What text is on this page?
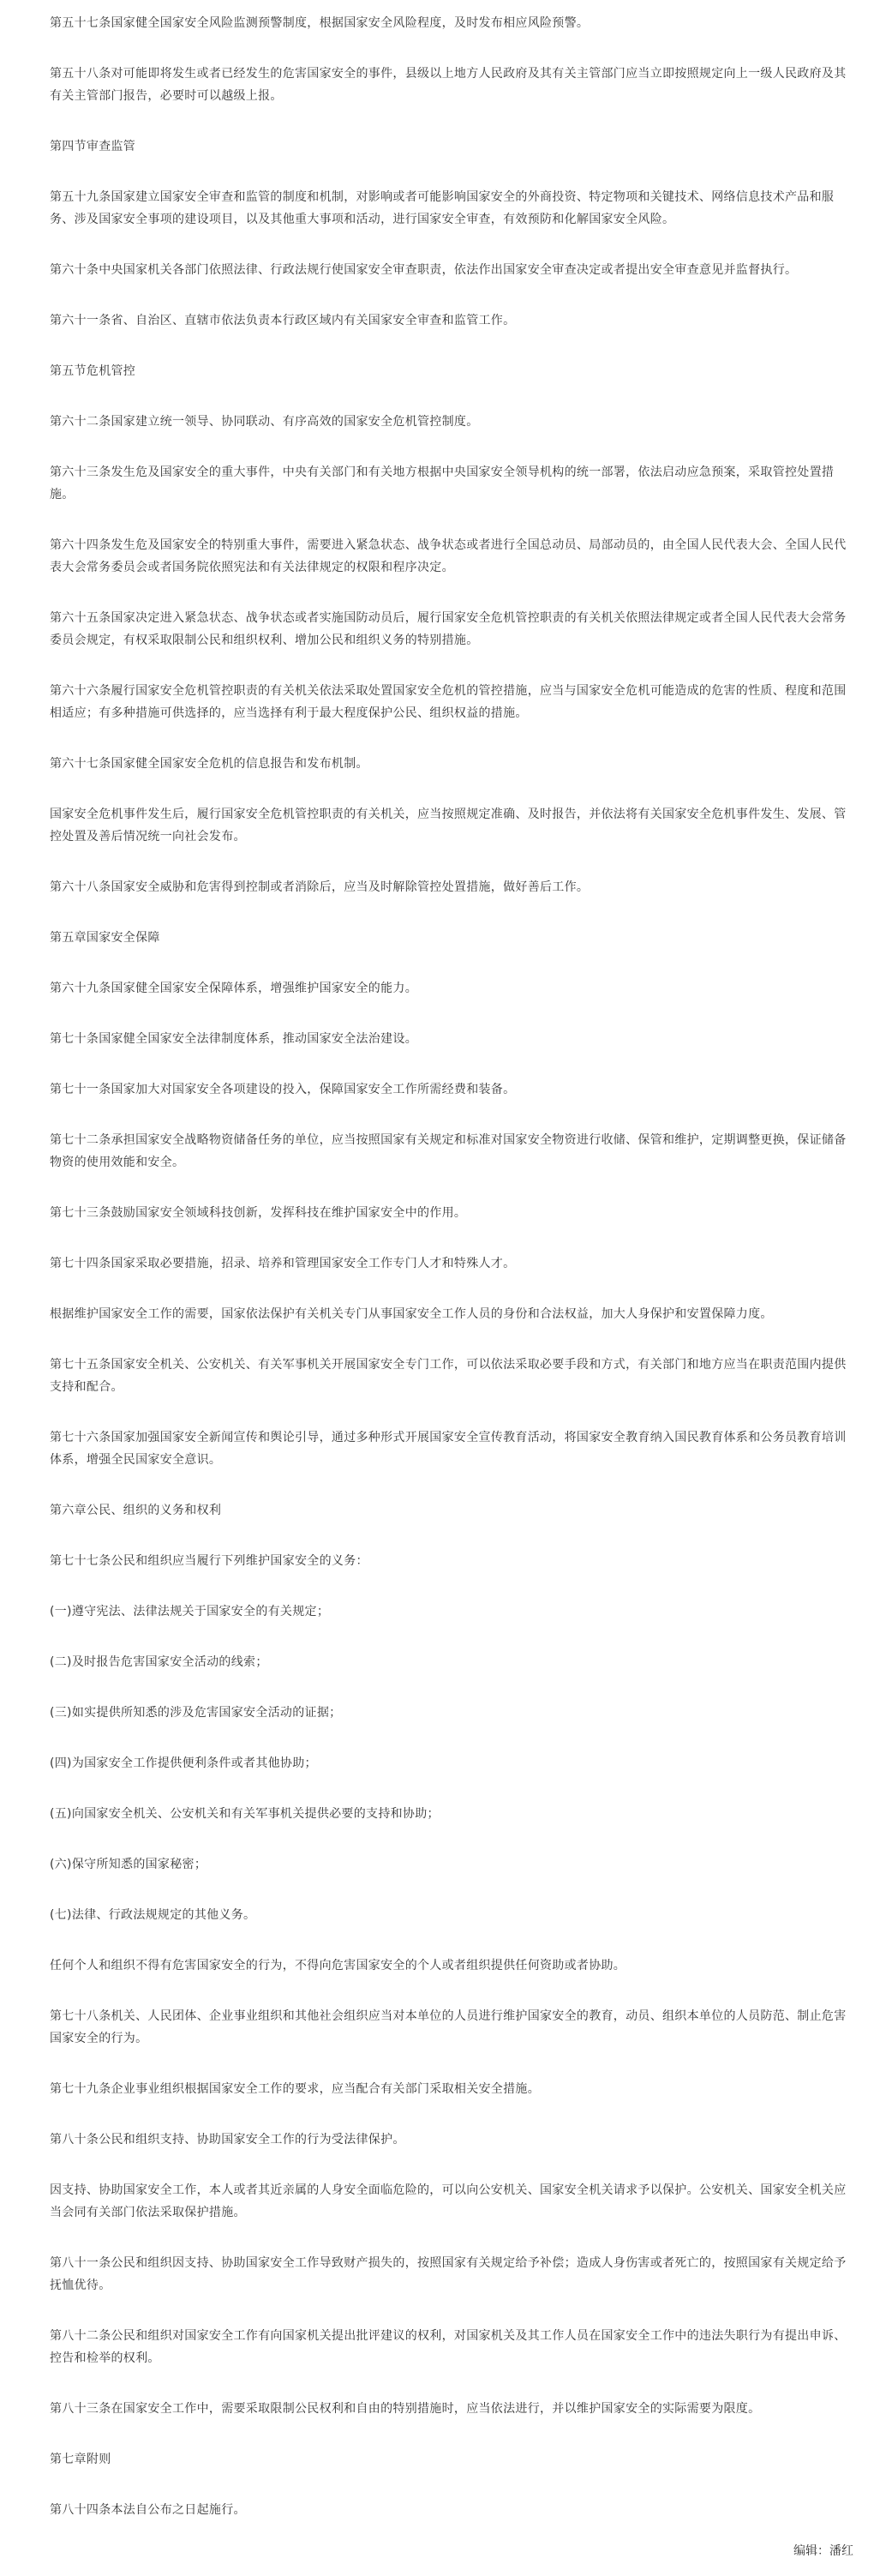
第五十七条国家健全国家安全风险监测预警制度，根据国家安全风险程度，及时发布相应风险预警。

第五十八条对可能即将发生或者已经发生的危害国家安全的事件，县级以上地方人民政府及其有关主管部门应当立即按照规定向上一级人民政府及其有关主管部门报告，必要时可以越级上报。

第四节审查监管

第五十九条国家建立国家安全审查和监管的制度和机制，对影响或者可能影响国家安全的外商投资、特定物项和关键技术、网络信息技术产品和服务、涉及国家安全事项的建设项目，以及其他重大事项和活动，进行国家安全审查，有效预防和化解国家安全风险。

第六十条中央国家机关各部门依照法律、行政法规行使国家安全审查职责，依法作出国家安全审查决定或者提出安全审查意见并监督执行。

第六十一条省、自治区、直辖市依法负责本行政区域内有关国家安全审查和监管工作。

第五节危机管控

第六十二条国家建立统一领导、协同联动、有序高效的国家安全危机管控制度。

第六十三条发生危及国家安全的重大事件，中央有关部门和有关地方根据中央国家安全领导机构的统一部署，依法启动应急预案，采取管控处置措施。

第六十四条发生危及国家安全的特别重大事件，需要进入紧急状态、战争状态或者进行全国总动员、局部动员的，由全国人民代表大会、全国人民代表大会常务委员会或者国务院依照宪法和有关法律规定的权限和程序决定。

第六十五条国家决定进入紧急状态、战争状态或者实施国防动员后，履行国家安全危机管控职责的有关机关依照法律规定或者全国人民代表大会常务委员会规定，有权采取限制公民和组织权利、增加公民和组织义务的特别措施。

第六十六条履行国家安全危机管控职责的有关机关依法采取处置国家安全危机的管控措施，应当与国家安全危机可能造成的危害的性质、程度和范围相适应；有多种措施可供选择的，应当选择有利于最大程度保护公民、组织权益的措施。

第六十七条国家健全国家安全危机的信息报告和发布机制。

国家安全危机事件发生后，履行国家安全危机管控职责的有关机关，应当按照规定准确、及时报告，并依法将有关国家安全危机事件发生、发展、管控处置及善后情况统一向社会发布。

第六十八条国家安全威胁和危害得到控制或者消除后，应当及时解除管控处置措施，做好善后工作。

第五章国家安全保障

第六十九条国家健全国家安全保障体系，增强维护国家安全的能力。

第七十条国家健全国家安全法律制度体系，推动国家安全法治建设。

第七十一条国家加大对国家安全各项建设的投入，保障国家安全工作所需经费和装备。

第七十二条承担国家安全战略物资储备任务的单位，应当按照国家有关规定和标准对国家安全物资进行收储、保管和维护，定期调整更换，保证储备物资的使用效能和安全。

第七十三条鼓励国家安全领域科技创新，发挥科技在维护国家安全中的作用。

第七十四条国家采取必要措施，招录、培养和管理国家安全工作专门人才和特殊人才。

根据维护国家安全工作的需要，国家依法保护有关机关专门从事国家安全工作人员的身份和合法权益，加大人身保护和安置保障力度。

第七十五条国家安全机关、公安机关、有关军事机关开展国家安全专门工作，可以依法采取必要手段和方式，有关部门和地方应当在职责范围内提供支持和配合。

第七十六条国家加强国家安全新闻宣传和舆论引导，通过多种形式开展国家安全宣传教育活动，将国家安全教育纳入国民教育体系和公务员教育培训体系，增强全民国家安全意识。

第六章公民、组织的义务和权利

第七十七条公民和组织应当履行下列维护国家安全的义务：

(一)遵守宪法、法律法规关于国家安全的有关规定；

(二)及时报告危害国家安全活动的线索；

(三)如实提供所知悉的涉及危害国家安全活动的证据；

(四)为国家安全工作提供便利条件或者其他协助；

(五)向国家安全机关、公安机关和有关军事机关提供必要的支持和协助；

(六)保守所知悉的国家秘密；

(七)法律、行政法规规定的其他义务。

任何个人和组织不得有危害国家安全的行为，不得向危害国家安全的个人或者组织提供任何资助或者协助。

第七十八条机关、人民团体、企业事业组织和其他社会组织应当对本单位的人员进行维护国家安全的教育，动员、组织本单位的人员防范、制止危害国家安全的行为。

第七十九条企业事业组织根据国家安全工作的要求，应当配合有关部门采取相关安全措施。

第八十条公民和组织支持、协助国家安全工作的行为受法律保护。

因支持、协助国家安全工作，本人或者其近亲属的人身安全面临危险的，可以向公安机关、国家安全机关请求予以保护。公安机关、国家安全机关应当会同有关部门依法采取保护措施。

第八十一条公民和组织因支持、协助国家安全工作导致财产损失的，按照国家有关规定给予补偿；造成人身伤害或者死亡的，按照国家有关规定给予抚恤优待。

第八十二条公民和组织对国家安全工作有向国家机关提出批评建议的权利，对国家机关及其工作人员在国家安全工作中的违法失职行为有提出申诉、控告和检举的权利。

第八十三条在国家安全工作中，需要采取限制公民权利和自由的特别措施时，应当依法进行，并以维护国家安全的实际需要为限度。

第七章附则

第八十四条本法自公布之日起施行。

编辑：潘红
